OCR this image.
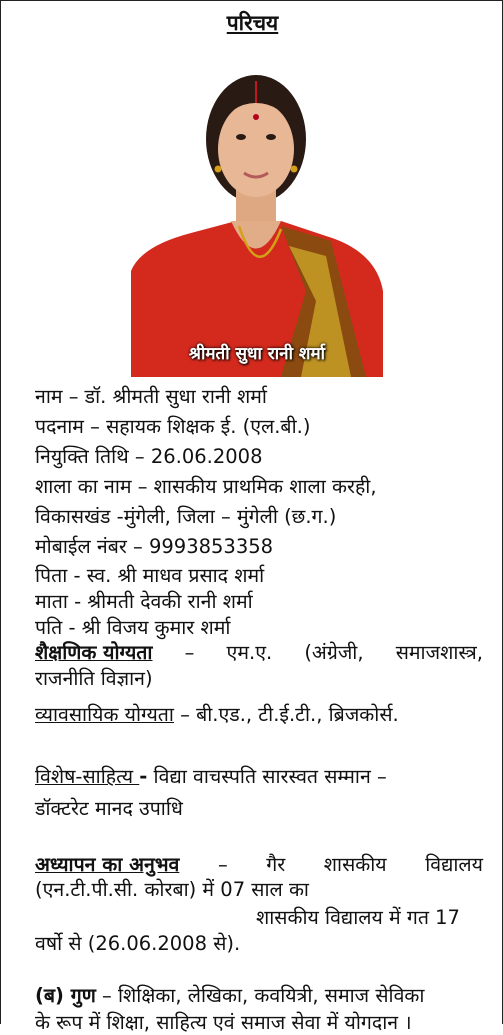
परिचय
श्रीमती सुधा रानी शर्मा
नाम – डॉ. श्रीमती सुधा रानी शर्मा
पदनाम – सहायक शिक्षक ई. (एल.बी.)
नियुक्ति तिथि – 26.06.2008
शाला का नाम – शासकीय प्राथमिक शाला करही,
विकासखंड -मुंगेली, जिला – मुंगेली (छ.ग.)
मोबाईल नंबर – 9993853358
पिता - स्व. श्री माधव प्रसाद शर्मा
माता - श्रीमती देवकी रानी शर्मा
पति - श्री विजय कुमार शर्मा
शैक्षणिक योग्यता – एम.ए. (अंग्रेजी, समाजशास्त्र,
राजनीति विज्ञान)
व्यावसायिक योग्यता – बी.एड., टी.ई.टी., ब्रिजकोर्स.
विशेष-साहित्य - विद्या वाचस्पति सारस्वत सम्मान –
डॉक्टरेट मानद उपाधि
अध्यापन का अनुभव – गैर शासकीय विद्यालय
(एन.टी.पी.सी. कोरबा) में 07 साल का
शासकीय विद्यालय में गत 17
वर्षो से (26.06.2008 से).
(ब) गुण – शिक्षिका, लेखिका, कवयित्री, समाज सेविका
के रूप में शिक्षा, साहित्य एवं समाज सेवा में योगदान ।
